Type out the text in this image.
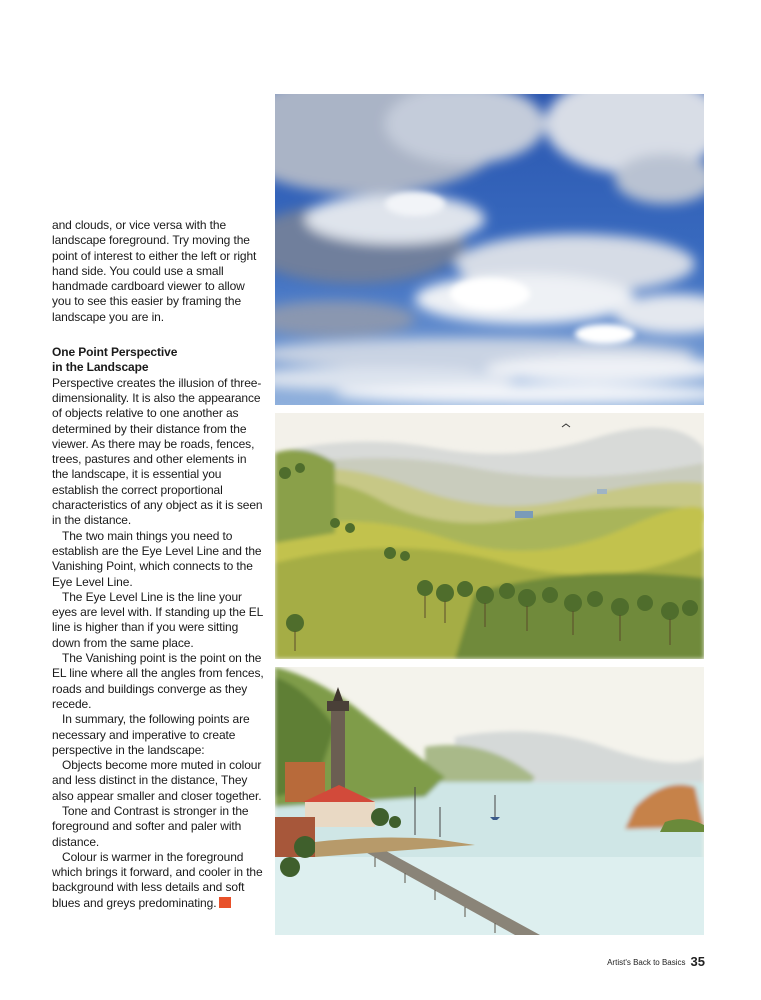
and clouds, or vice versa with the landscape foreground. Try moving the point of interest to either the left or right hand side. You could use a small handmade cardboard viewer to allow you to see this easier by framing the landscape you are in.

One Point Perspective
in the Landscape

Perspective creates the illusion of three-dimensionality. It is also the appearance of objects relative to one another as determined by their distance from the viewer. As there may be roads, fences, trees, pastures and other elements in the landscape, it is essential you establish the correct proportional characteristics of any object as it is seen in the distance.

The two main things you need to establish are the Eye Level Line and the Vanishing Point, which connects to the Eye Level Line.

The Eye Level Line is the line your eyes are level with. If standing up the EL line is higher than if you were sitting down from the same place.

The Vanishing point is the point on the EL line where all the angles from fences, roads and buildings converge as they recede.

In summary, the following points are necessary and imperative to create perspective in the landscape:

Objects become more muted in colour and less distinct in the distance, They also appear smaller and closer together.

Tone and Contrast is stronger in the foreground and softer and paler with distance.

Colour is warmer in the foreground which brings it forward, and cooler in the background with less details and soft blues and greys predominating.

Artist's Back to Basics 35
